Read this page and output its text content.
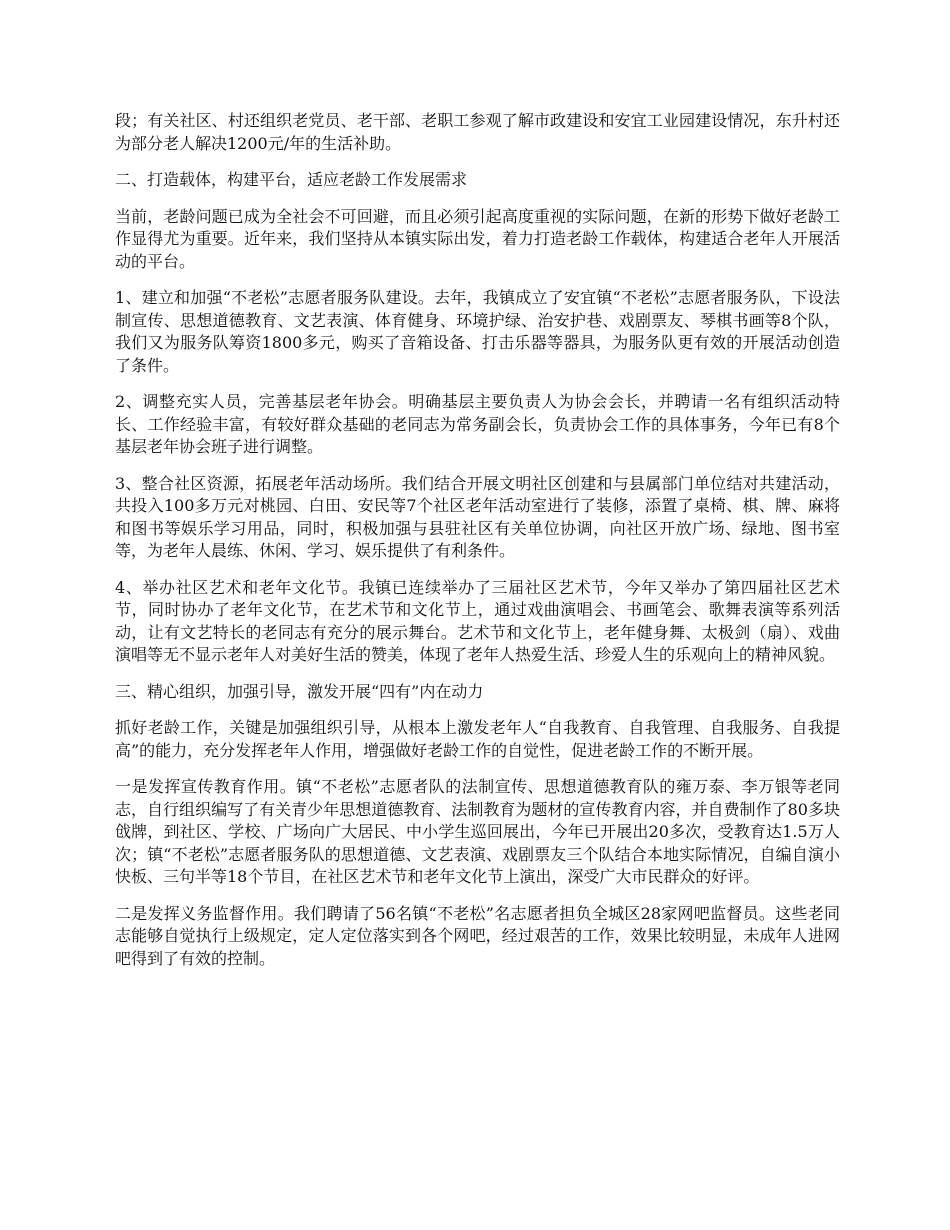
段；有关社区、村还组织老党员、老干部、老职工参观了解市政建设和安宜工业园建设情况，东升村还为部分老人解决1200元/年的生活补助。

二、打造载体，构建平台，适应老龄工作发展需求

当前，老龄问题已成为全社会不可回避，而且必须引起高度重视的实际问题，在新的形势下做好老龄工作显得尤为重要。近年来，我们坚持从本镇实际出发，着力打造老龄工作载体，构建适合老年人开展活动的平台。

1、建立和加强“不老松”志愿者服务队建设。去年，我镇成立了安宜镇“不老松”志愿者服务队，下设法制宣传、思想道德教育、文艺表演、体育健身、环境护绿、治安护巷、戏剧票友、琴棋书画等8个队，我们又为服务队筹资1800多元，购买了音箱设备、打击乐器等器具，为服务队更有效的开展活动创造了条件。

2、调整充实人员，完善基层老年协会。明确基层主要负责人为协会会长，并聘请一名有组织活动特长、工作经验丰富，有较好群众基础的老同志为常务副会长，负责协会工作的具体事务，今年已有8个基层老年协会班子进行调整。

3、整合社区资源，拓展老年活动场所。我们结合开展文明社区创建和与县属部门单位结对共建活动，共投入100多万元对桃园、白田、安民等7个社区老年活动室进行了装修，添置了桌椅、棋、牌、麻将和图书等娱乐学习用品，同时，积极加强与县驻社区有关单位协调，向社区开放广场、绿地、图书室等，为老年人晨练、休闲、学习、娱乐提供了有利条件。

4、举办社区艺术和老年文化节。我镇已连续举办了三届社区艺术节，今年又举办了第四届社区艺术节，同时协办了老年文化节，在艺术节和文化节上，通过戏曲演唱会、书画笔会、歌舞表演等系列活动，让有文艺特长的老同志有充分的展示舞台。艺术节和文化节上，老年健身舞、太极剑（扇）、戏曲演唱等无不显示老年人对美好生活的赞美，体现了老年人热爱生活、珍爱人生的乐观向上的精神风貌。

三、精心组织，加强引导，激发开展“四有”内在动力

抓好老龄工作，关键是加强组织引导，从根本上激发老年人“自我教育、自我管理、自我服务、自我提高”的能力，充分发挥老年人作用，增强做好老龄工作的自觉性，促进老龄工作的不断开展。

一是发挥宣传教育作用。镇“不老松”志愿者队的法制宣传、思想道德教育队的雍万泰、李万银等老同志，自行组织编写了有关青少年思想道德教育、法制教育为题材的宣传教育内容，并自费制作了80多块戗牌，到社区、学校、广场向广大居民、中小学生巡回展出，今年已开展出20多次，受教育达1.5万人次；镇“不老松”志愿者服务队的思想道德、文艺表演、戏剧票友三个队结合本地实际情况，自编自演小快板、三句半等18个节目，在社区艺术节和老年文化节上演出，深受广大市民群众的好评。

二是发挥义务监督作用。我们聘请了56名镇“不老松”名志愿者担负全城区28家网吧监督员。这些老同志能够自觉执行上级规定，定人定位落实到各个网吧，经过艰苦的工作，效果比较明显，未成年人进网吧得到了有效的控制。
